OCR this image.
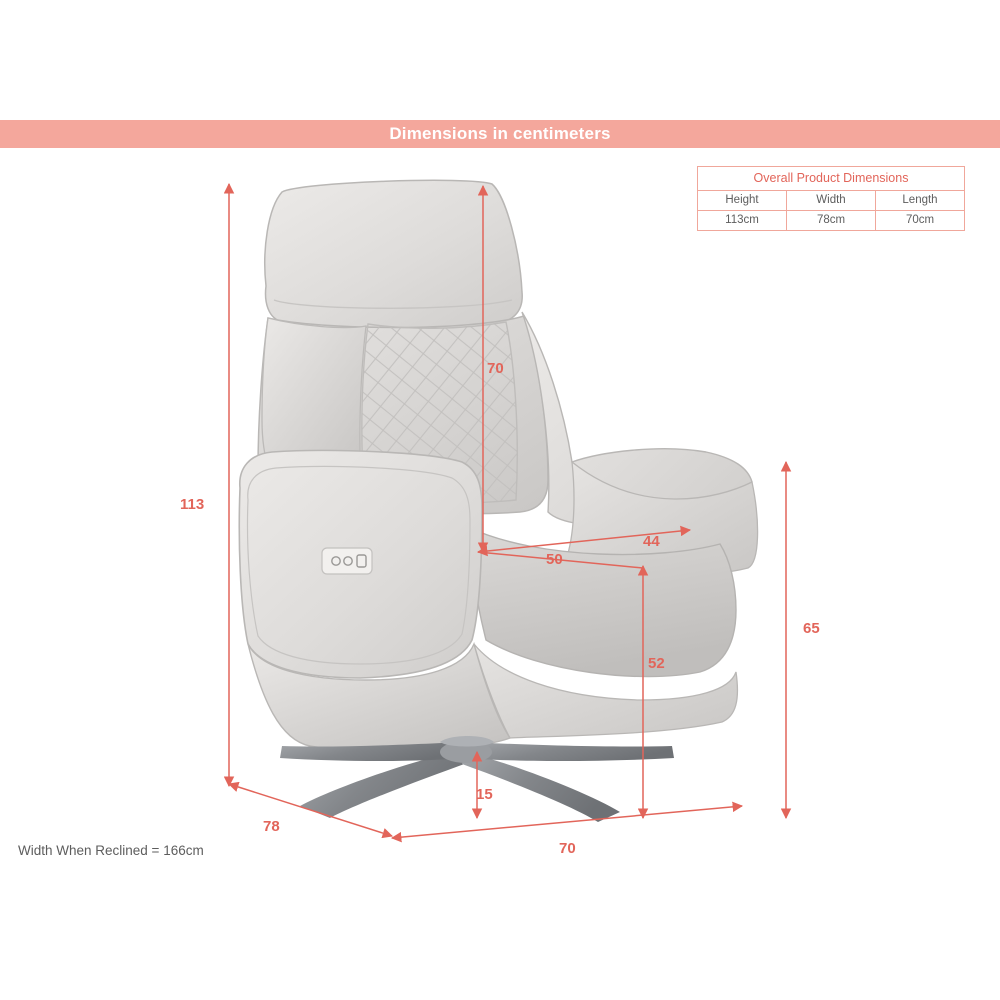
Dimensions in centimeters
113
70
50
44
52
65
15
70
78
Width When Reclined = 166cm
Overall Product Dimensions		
Height	Width	Length
113cm	78cm	70cm
